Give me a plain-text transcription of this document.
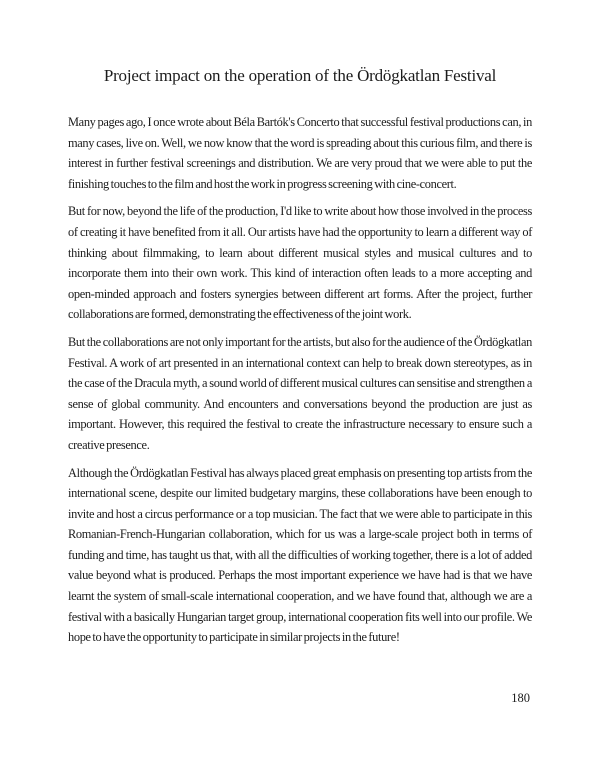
Project impact on the operation of the Ördögkatlan Festival

Many pages ago, I once wrote about Béla Bartók's Concerto that successful festival productions can, in many cases, live on. Well, we now know that the word is spreading about this curious film, and there is interest in further festival screenings and distribution. We are very proud that we were able to put the finishing touches to the film and host the work in progress screening with cine-concert.

But for now, beyond the life of the production, I'd like to write about how those involved in the process of creating it have benefited from it all. Our artists have had the opportunity to learn a different way of thinking about filmmaking, to learn about different musical styles and musical cultures and to incorporate them into their own work. This kind of interaction often leads to a more accepting and open-minded approach and fosters synergies between different art forms. After the project, further collaborations are formed, demonstrating the effectiveness of the joint work.

But the collaborations are not only important for the artists, but also for the audience of the Ördögkatlan Festival. A work of art presented in an international context can help to break down stereotypes, as in the case of the Dracula myth, a sound world of different musical cultures can sensitise and strengthen a sense of global community. And encounters and conversations beyond the production are just as important. However, this required the festival to create the infrastructure necessary to ensure such a creative presence.

Although the Ördögkatlan Festival has always placed great emphasis on presenting top artists from the international scene, despite our limited budgetary margins, these collaborations have been enough to invite and host a circus performance or a top musician. The fact that we were able to participate in this Romanian-French-Hungarian collaboration, which for us was a large-scale project both in terms of funding and time, has taught us that, with all the difficulties of working together, there is a lot of added value beyond what is produced. Perhaps the most important experience we have had is that we have learnt the system of small-scale international cooperation, and we have found that, although we are a festival with a basically Hungarian target group, international cooperation fits well into our profile. We hope to have the opportunity to participate in similar projects in the future!

180
